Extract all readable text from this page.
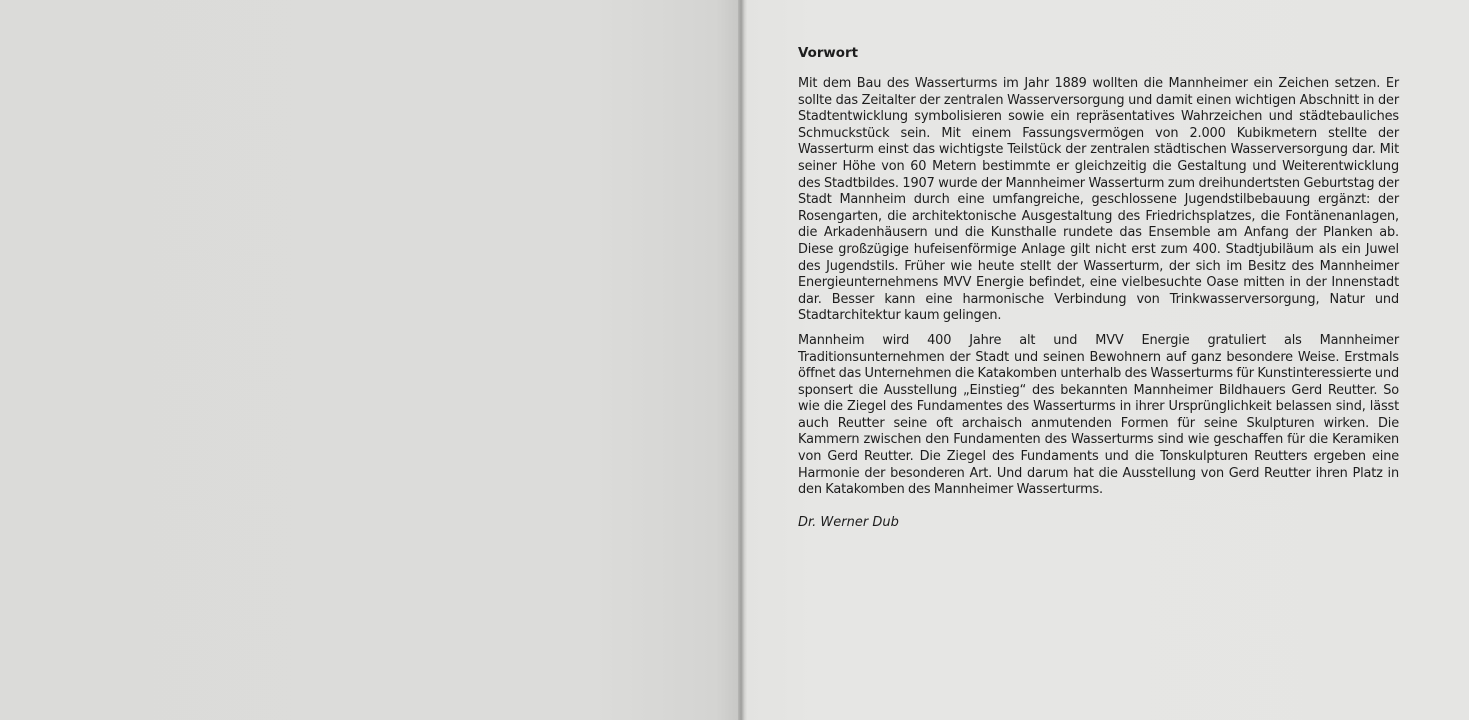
Vorwort

Mit dem Bau des Wasserturms im Jahr 1889 wollten die Mannheimer ein Zeichen setzen. Er sollte das Zeitalter der zentralen Wasserversorgung und damit einen wichtigen Abschnitt in der Stadtentwicklung symbolisieren sowie ein repräsentatives Wahrzeichen und städtebauliches Schmuckstück sein. Mit einem Fassungsvermögen von 2.000 Kubikmetern stellte der Wasserturm einst das wichtigste Teilstück der zentralen städtischen Wasserversorgung dar. Mit seiner Höhe von 60 Metern bestimmte er gleichzeitig die Gestaltung und Weiterentwicklung des Stadtbildes. 1907 wurde der Mannheimer Wasserturm zum dreihundertsten Geburtstag der Stadt Mannheim durch eine umfangreiche, geschlossene Jugendstilbebauung ergänzt: der Rosengarten, die architektonische Ausgestaltung des Friedrichsplatzes, die Fontänenanlagen, die Arkadenhäusern und die Kunsthalle rundete das Ensemble am Anfang der Planken ab. Diese großzügige hufeisenförmige Anlage gilt nicht erst zum 400. Stadtjubiläum als ein Juwel des Jugendstils. Früher wie heute stellt der Wasserturm, der sich im Besitz des Mannheimer Energieunternehmens MVV Energie befindet, eine vielbesuchte Oase mitten in der Innenstadt dar. Besser kann eine harmonische Verbindung von Trinkwasserversorgung, Natur und Stadtarchitektur kaum gelingen.

Mannheim wird 400 Jahre alt und MVV Energie gratuliert als Mannheimer Traditionsunternehmen der Stadt und seinen Bewohnern auf ganz besondere Weise. Erstmals öffnet das Unternehmen die Katakomben unterhalb des Wasserturms für Kunstinteressierte und sponsert die Ausstellung „Einstieg“ des bekannten Mannheimer Bildhauers Gerd Reutter. So wie die Ziegel des Fundamentes des Wasserturms in ihrer Ursprünglichkeit belassen sind, lässt auch Reutter seine oft archaisch anmutenden Formen für seine Skulpturen wirken. Die Kammern zwischen den Fundamenten des Wasserturms sind wie geschaffen für die Keramiken von Gerd Reutter. Die Ziegel des Fundaments und die Tonskulpturen Reutters ergeben eine Harmonie der besonderen Art. Und darum hat die Ausstellung von Gerd Reutter ihren Platz in den Katakomben des Mannheimer Wasserturms.

Dr. Werner Dub
